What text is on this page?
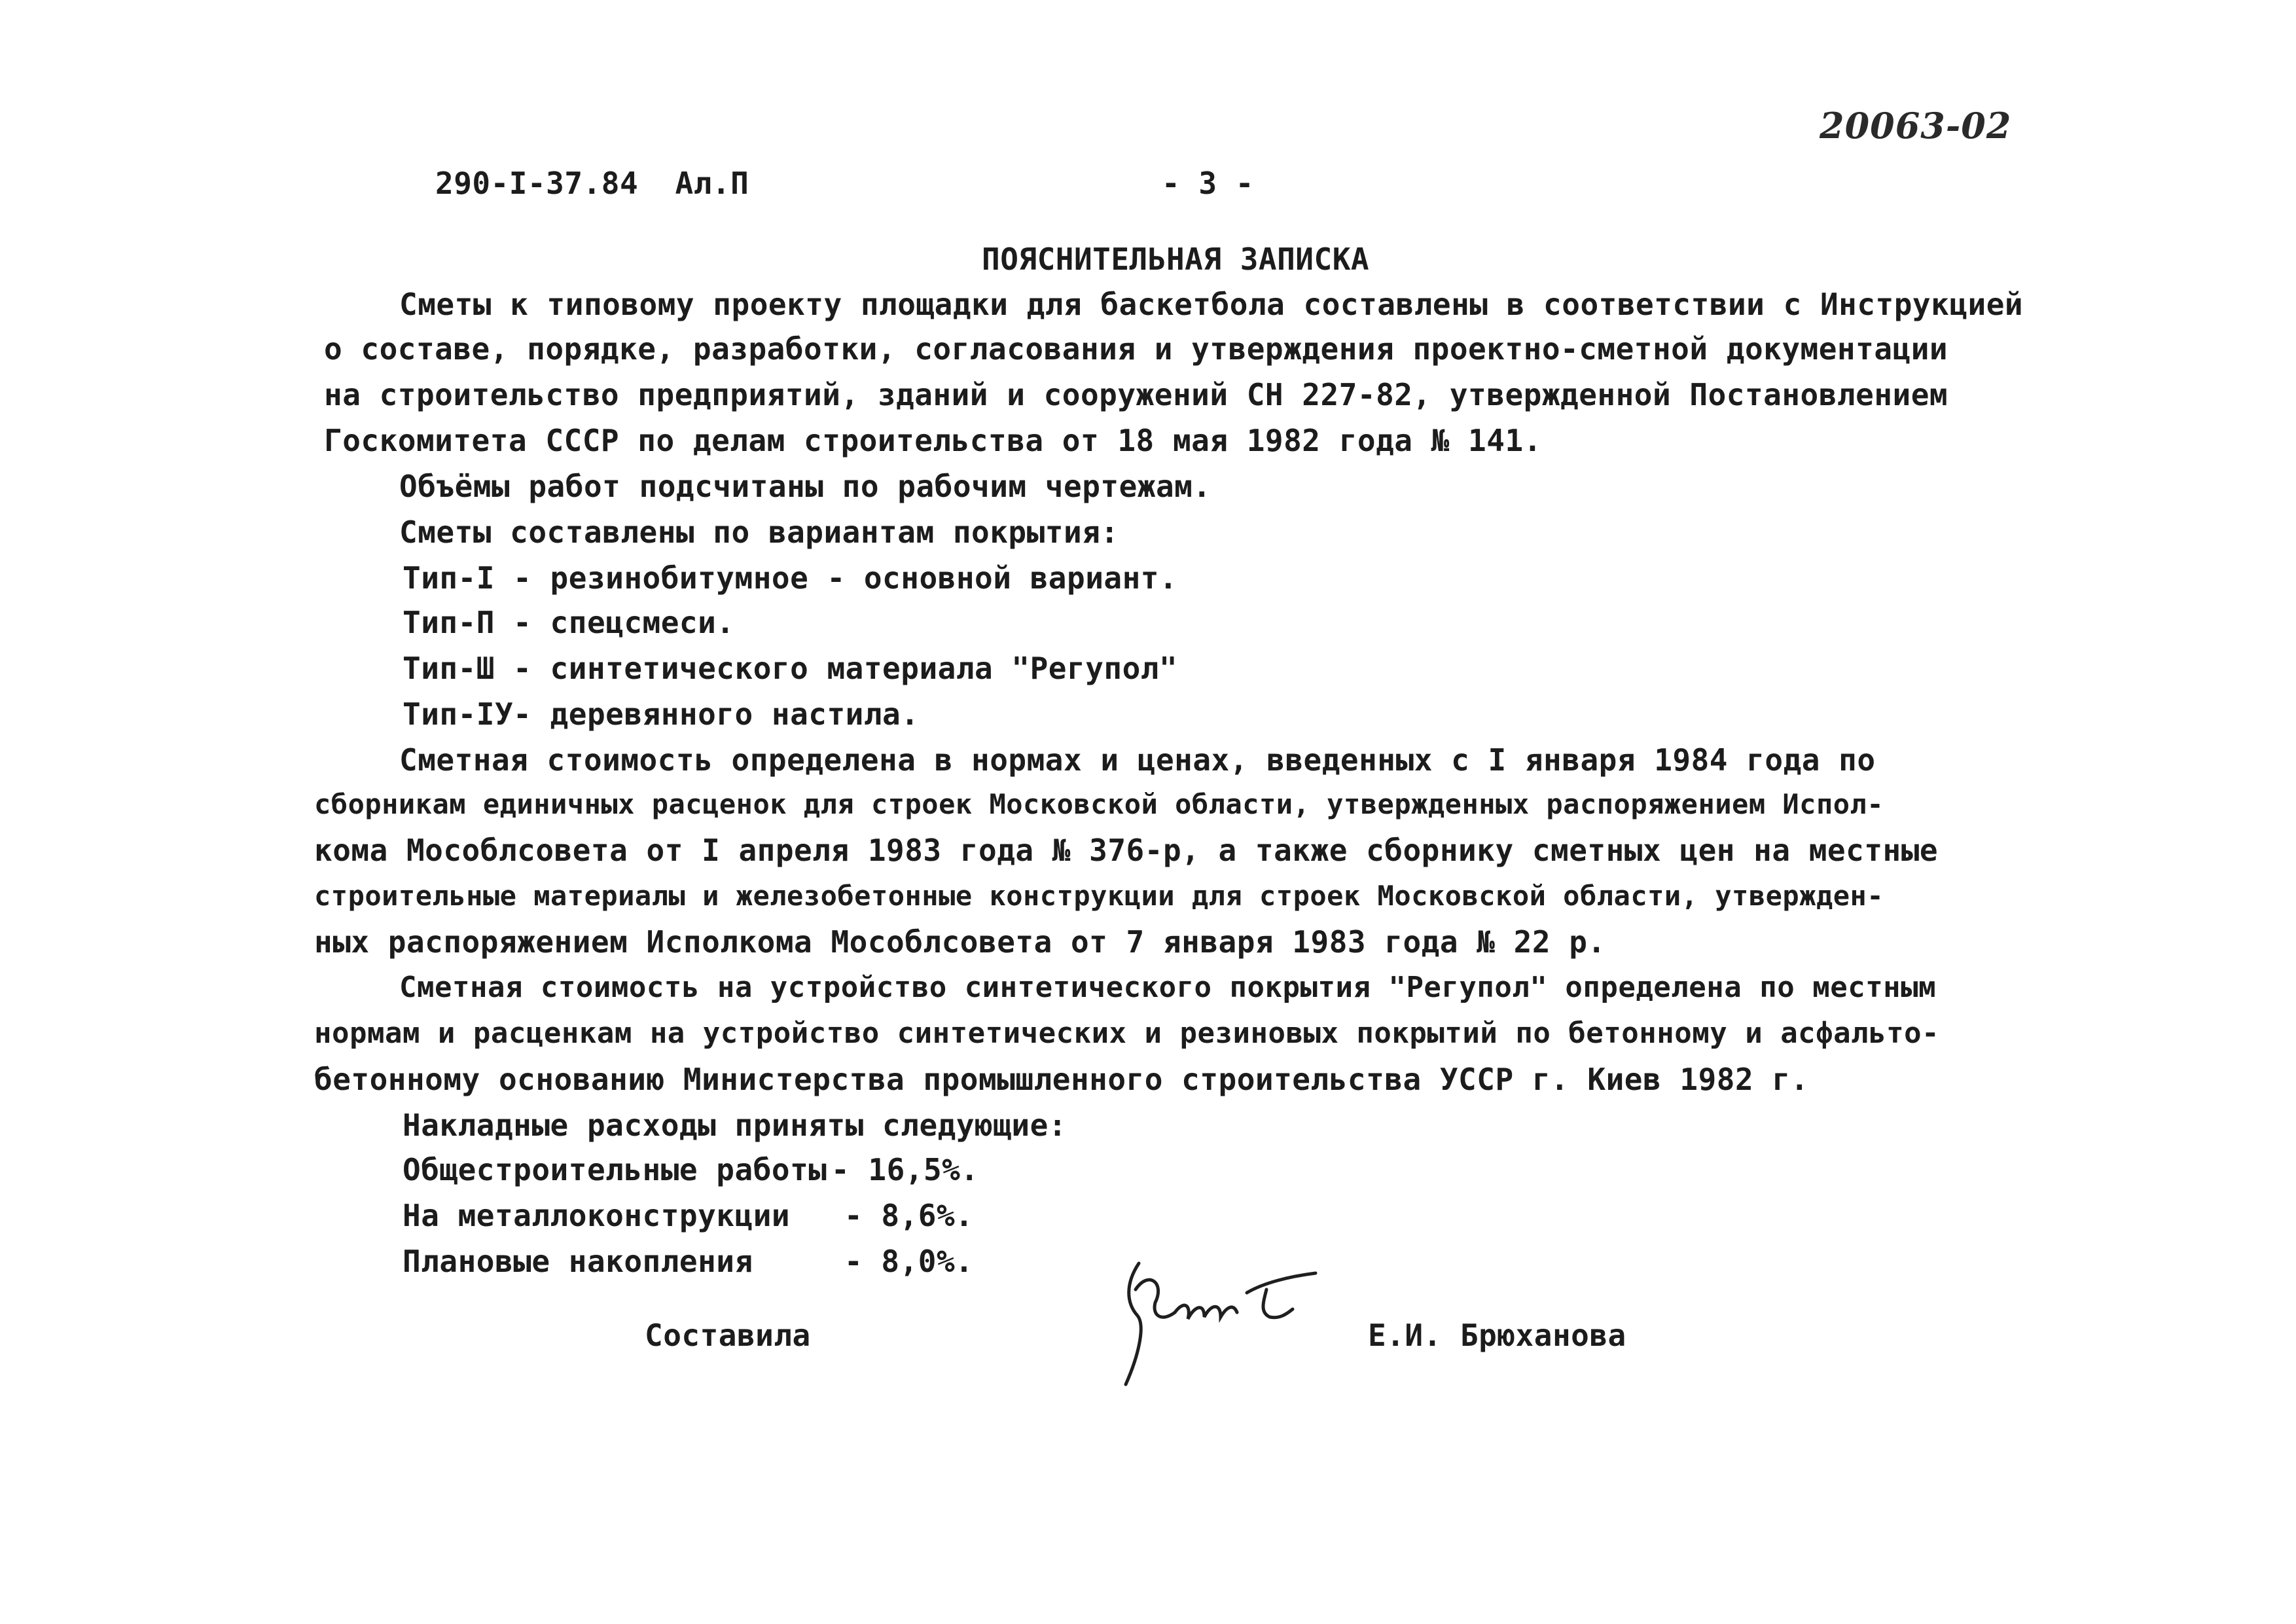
20063-02
290-I-37.84  Ал.П	- 3 -
ПОЯСНИТЕЛЬНАЯ ЗАПИСКА
Сметы к типовому проекту площадки для баскетбола составлены в соответствии с Инструкцией
о составе, порядке, разработки, согласования и утверждения проектно-сметной документации
на строительство предприятий, зданий и сооружений СН 227-82, утвержденной Постановлением
Госкомитета СССР по делам строительства от 18 мая 1982 года № 141.
Объёмы работ подсчитаны по рабочим чертежам.
Сметы составлены по вариантам покрытия:
Тип-I - резинобитумное - основной вариант.
Тип-П - спецсмеси.
Тип-Ш - синтетического материала "Регупол"
Тип-IУ- деревянного настила.
Сметная стоимость определена в нормах и ценах, введенных с I января 1984 года по
сборникам единичных расценок для строек Московской области, утвержденных распоряжением Испол-
кома Мособлсовета от I апреля 1983 года № 376-р, а также сборнику сметных цен на местные
строительные материалы и железобетонные конструкции для строек Московской области, утвержден-
ных распоряжением Исполкома Мособлсовета от 7 января 1983 года № 22 р.
Сметная стоимость на устройство синтетического покрытия "Регупол" определена по местным
нормам и расценкам на устройство синтетических и резиновых покрытий по бетонному и асфальто-
бетонному основанию Министерства промышленного строительства УССР г. Киев 1982 г.
Накладные расходы приняты следующие:
Общестроительные работы - 16,5%.
На металлоконструкции - 8,6%.
Плановые накопления	- 8,0%.
Составила	Е.И. Брюханова
